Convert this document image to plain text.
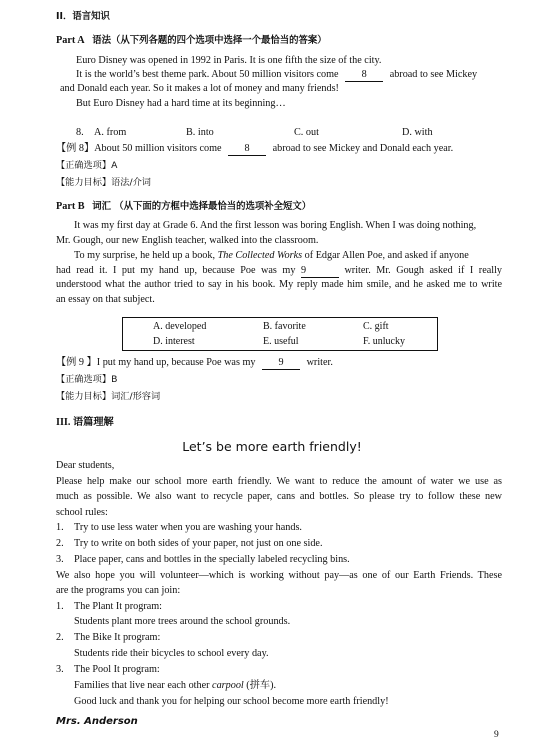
II．语言知识
Part A 语法（从下列各题的四个选项中选择一个最恰当的答案）
Euro Disney was opened in 1992 in Paris. It is one fifth the size of the city.
It is the world’s best theme park. About 50 million visitors come 8 abroad to see Mickey
and Donald each year. So it makes a lot of money and many friends!
But Euro Disney had a hard time at its beginning…
8. A. from	B. into	C. out	D. with
【例 8】About 50 million visitors come 8 abroad to see Mickey and Donald each year.
【正确选项】A
【能力目标】语法/介词
Part B 词汇 （从下面的方框中选择最恰当的选项补全短文）
It was my first day at Grade 6. And the first lesson was boring English. When I was doing nothing,
Mr. Gough, our new English teacher, walked into the classroom.
To my surprise, he held up a book, The Collected Works of Edgar Allen Poe, and asked if anyone
had read it. I put my hand up, because Poe was my 9	writer. Mr. Gough asked if I really
understood what the author tried to say in his book. My reply made him smile, and he asked me to write
an essay on that subject.
A. developed	B. favorite	C. gift
D. interest	E. useful	F. unlucky
【例 9 】I put my hand up, because Poe was my 9 writer.
【正确选项】B
【能力目标】词汇/形容词
III. 语篇理解
Let’s be more earth friendly!
Dear students,
Please help make our school more earth friendly. We want to reduce the amount of water we use as
much as possible. We also want to recycle paper, cans and bottles. So please try to follow these new
school rules:
1. Try to use less water when you are washing your hands.
2. Try to write on both sides of your paper, not just on one side.
3. Place paper, cans and bottles in the specially labeled recycling bins.
We also hope you will volunteer—which is working without pay—as one of our Earth Friends. These
are the programs you can join:
1. The Plant It program:
Students plant more trees around the school grounds.
2. The Bike It program:
Students ride their bicycles to school every day.
3. The Pool It program:
Families that live near each other carpool (拼车).
Good luck and thank you for helping our school become more earth friendly!
Mrs. Anderson
9
